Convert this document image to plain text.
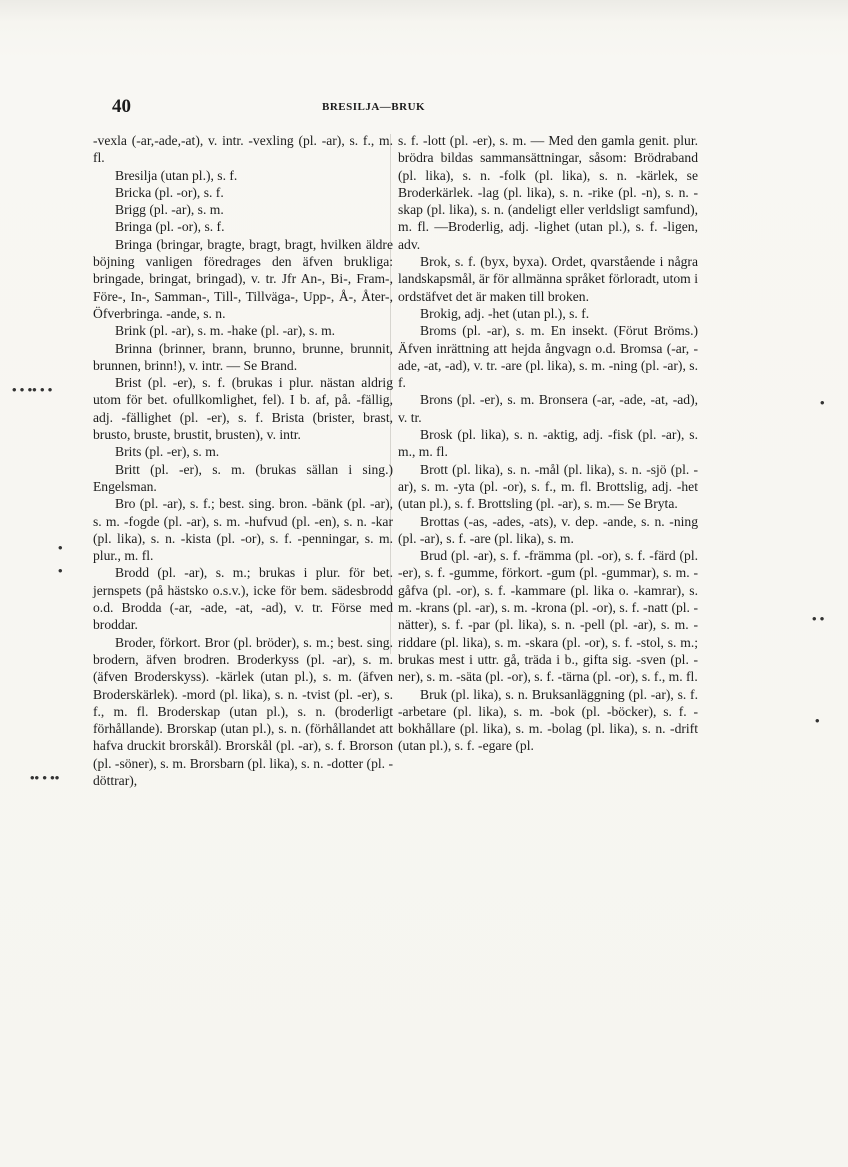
40	BRESILJA—BRUK

-vexla (-ar,-ade,-at), v. intr. -vexling (pl. -ar), s. f., m. fl.

Bresilja (utan pl.), s. f.

Bricka (pl. -or), s. f.

Brigg (pl. -ar), s. m.

Bringa (pl. -or), s. f.

Bringa (bringar, bragte, bragt, bragt, hvilken äldre böjning vanligen föredrages den äfven brukliga: bringade, bringat, bringad), v. tr. Jfr An-, Bi-, Fram-, Före-, In-, Samman-, Till-, Tillväga-, Upp-, Å-, Åter-, Öfverbringa. -ande, s. n.

Brink (pl. -ar), s. m. -hake (pl. -ar), s. m.

Brinna (brinner, brann, brunno, brunne, brunnit, brunnen, brinn!), v. intr. — Se Brand.

Brist (pl. -er), s. f. (brukas i plur. nästan aldrig utom för bet. ofullkomlighet, fel). I b. af, på. -fällig, adj. -fällighet (pl. -er), s. f. Brista (brister, brast, brusto, bruste, brustit, brusten), v. intr.

Brits (pl. -er), s. m.

Britt (pl. -er), s. m. (brukas sällan i sing.) Engelsman.

Bro (pl. -ar), s. f.; best. sing. bron. -bänk (pl. -ar), s. m. -fogde (pl. -ar), s. m. -hufvud (pl. -en), s. n. -kar (pl. lika), s. n. -kista (pl. -or), s. f. -penningar, s. m. plur., m. fl.

Brodd (pl. -ar), s. m.; brukas i plur. för bet. jernspets (på hästsko o.s.v.), icke för bem. sädesbrodd o.d. Brodda (-ar, -ade, -at, -ad), v. tr. Förse med broddar.

Broder, förkort. Bror (pl. bröder), s. m.; best. sing. brodern, äfven brodren. Broderkyss (pl. -ar), s. m. (äfven Broderskyss). -kärlek (utan pl.), s. m. (äfven Broderskärlek). -mord (pl. lika), s. n. -tvist (pl. -er), s. f., m. fl. Broderskap (utan pl.), s. n. (broderligt förhållande). Brorskap (utan pl.), s. n. (förhållandet att hafva druckit brorskål). Brorskål (pl. -ar), s. f. Brorson (pl. -söner), s. m. Brorsbarn (pl. lika), s. n. -dotter (pl. -döttrar),

s. f. -lott (pl. -er), s. m. — Med den gamla genit. plur. brödra bildas sammansättningar, såsom: Brödraband (pl. lika), s. n. -folk (pl. lika), s. n. -kärlek, se Broderkärlek. -lag (pl. lika), s. n. -rike (pl. -n), s. n. -skap (pl. lika), s. n. (andeligt eller verldsligt samfund), m. fl. —Broderlig, adj. -lighet (utan pl.), s. f. -ligen, adv.

Brok, s. f. (byx, byxa). Ordet, qvarstående i några landskapsmål, är för allmänna språket förloradt, utom i ordstäfvet det är maken till broken.

Brokig, adj. -het (utan pl.), s. f.

Broms (pl. -ar), s. m. En insekt. (Förut Bröms.) Äfven inrättning att hejda ångvagn o.d. Bromsa (-ar, -ade, -at, -ad), v. tr. -are (pl. lika), s. m. -ning (pl. -ar), s. f.

Brons (pl. -er), s. m. Bronsera (-ar, -ade, -at, -ad), v. tr.

Brosk (pl. lika), s. n. -aktig, adj. -fisk (pl. -ar), s. m., m. fl.

Brott (pl. lika), s. n. -mål (pl. lika), s. n. -sjö (pl. -ar), s. m. -yta (pl. -or), s. f., m. fl. Brottslig, adj. -het (utan pl.), s. f. Brottsling (pl. -ar), s. m.— Se Bryta.

Brottas (-as, -ades, -ats), v. dep. -ande, s. n. -ning (pl. -ar), s. f. -are (pl. lika), s. m.

Brud (pl. -ar), s. f. -främma (pl. -or), s. f. -färd (pl. -er), s. f. -gumme, förkort. -gum (pl. -gummar), s. m. -gåfva (pl. -or), s. f. -kammare (pl. lika o. -kamrar), s. m. -krans (pl. -ar), s. m. -krona (pl. -or), s. f. -natt (pl. -nätter), s. f. -par (pl. lika), s. n. -pell (pl. -ar), s. m. -riddare (pl. lika), s. m. -skara (pl. -or), s. f. -stol, s. m.; brukas mest i uttr. gå, träda i b., gifta sig. -sven (pl. -ner), s. m. -säta (pl. -or), s. f. -tärna (pl. -or), s. f., m. fl.

Bruk (pl. lika), s. n. Bruksanläggning (pl. -ar), s. f. -arbetare (pl. lika), s. m. -bok (pl. -böcker), s. f. -bokhållare (pl. lika), s. m. -bolag (pl. lika), s. n. -drift (utan pl.), s. f. -egare (pl.

• • •• • •
•
•
•• • ••
•
• •
•
